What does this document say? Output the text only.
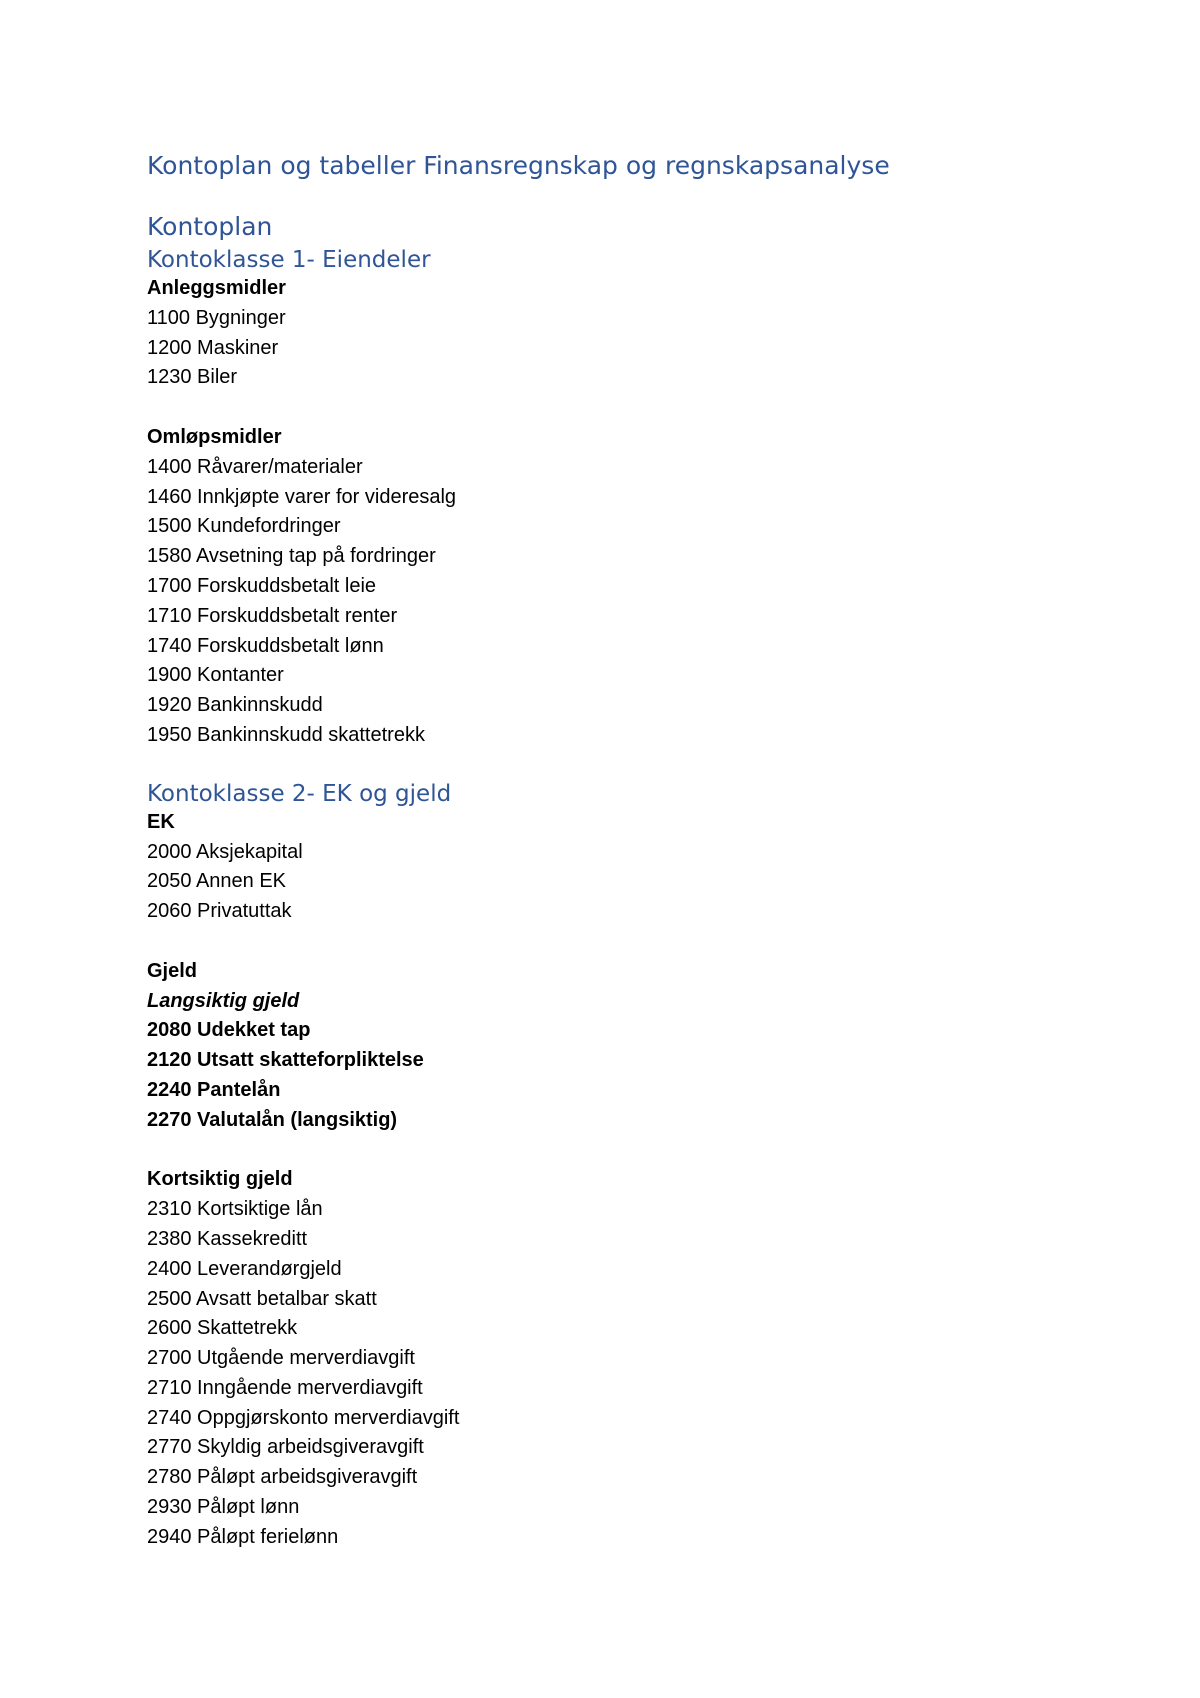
Kontoplan og tabeller Finansregnskap og regnskapsanalyse
Kontoplan
Kontoklasse 1- Eiendeler
Anleggsmidler
1100 Bygninger
1200 Maskiner
1230 Biler
Omløpsmidler
1400 Råvarer/materialer
1460 Innkjøpte varer for videresalg
1500 Kundefordringer
1580 Avsetning tap på fordringer
1700 Forskuddsbetalt leie
1710 Forskuddsbetalt renter
1740 Forskuddsbetalt lønn
1900 Kontanter
1920 Bankinnskudd
1950 Bankinnskudd skattetrekk
Kontoklasse 2- EK og gjeld
EK
2000 Aksjekapital
2050 Annen EK
2060 Privatuttak
Gjeld
Langsiktig gjeld
2080 Udekket tap
2120 Utsatt skatteforpliktelse
2240 Pantelån
2270 Valutalån (langsiktig)
Kortsiktig gjeld
2310 Kortsiktige lån
2380 Kassekreditt
2400 Leverandørgjeld
2500 Avsatt betalbar skatt
2600 Skattetrekk
2700 Utgående merverdiavgift
2710 Inngående merverdiavgift
2740 Oppgjørskonto merverdiavgift
2770 Skyldig arbeidsgiveravgift
2780 Påløpt arbeidsgiveravgift
2930 Påløpt lønn
2940 Påløpt ferielønn
